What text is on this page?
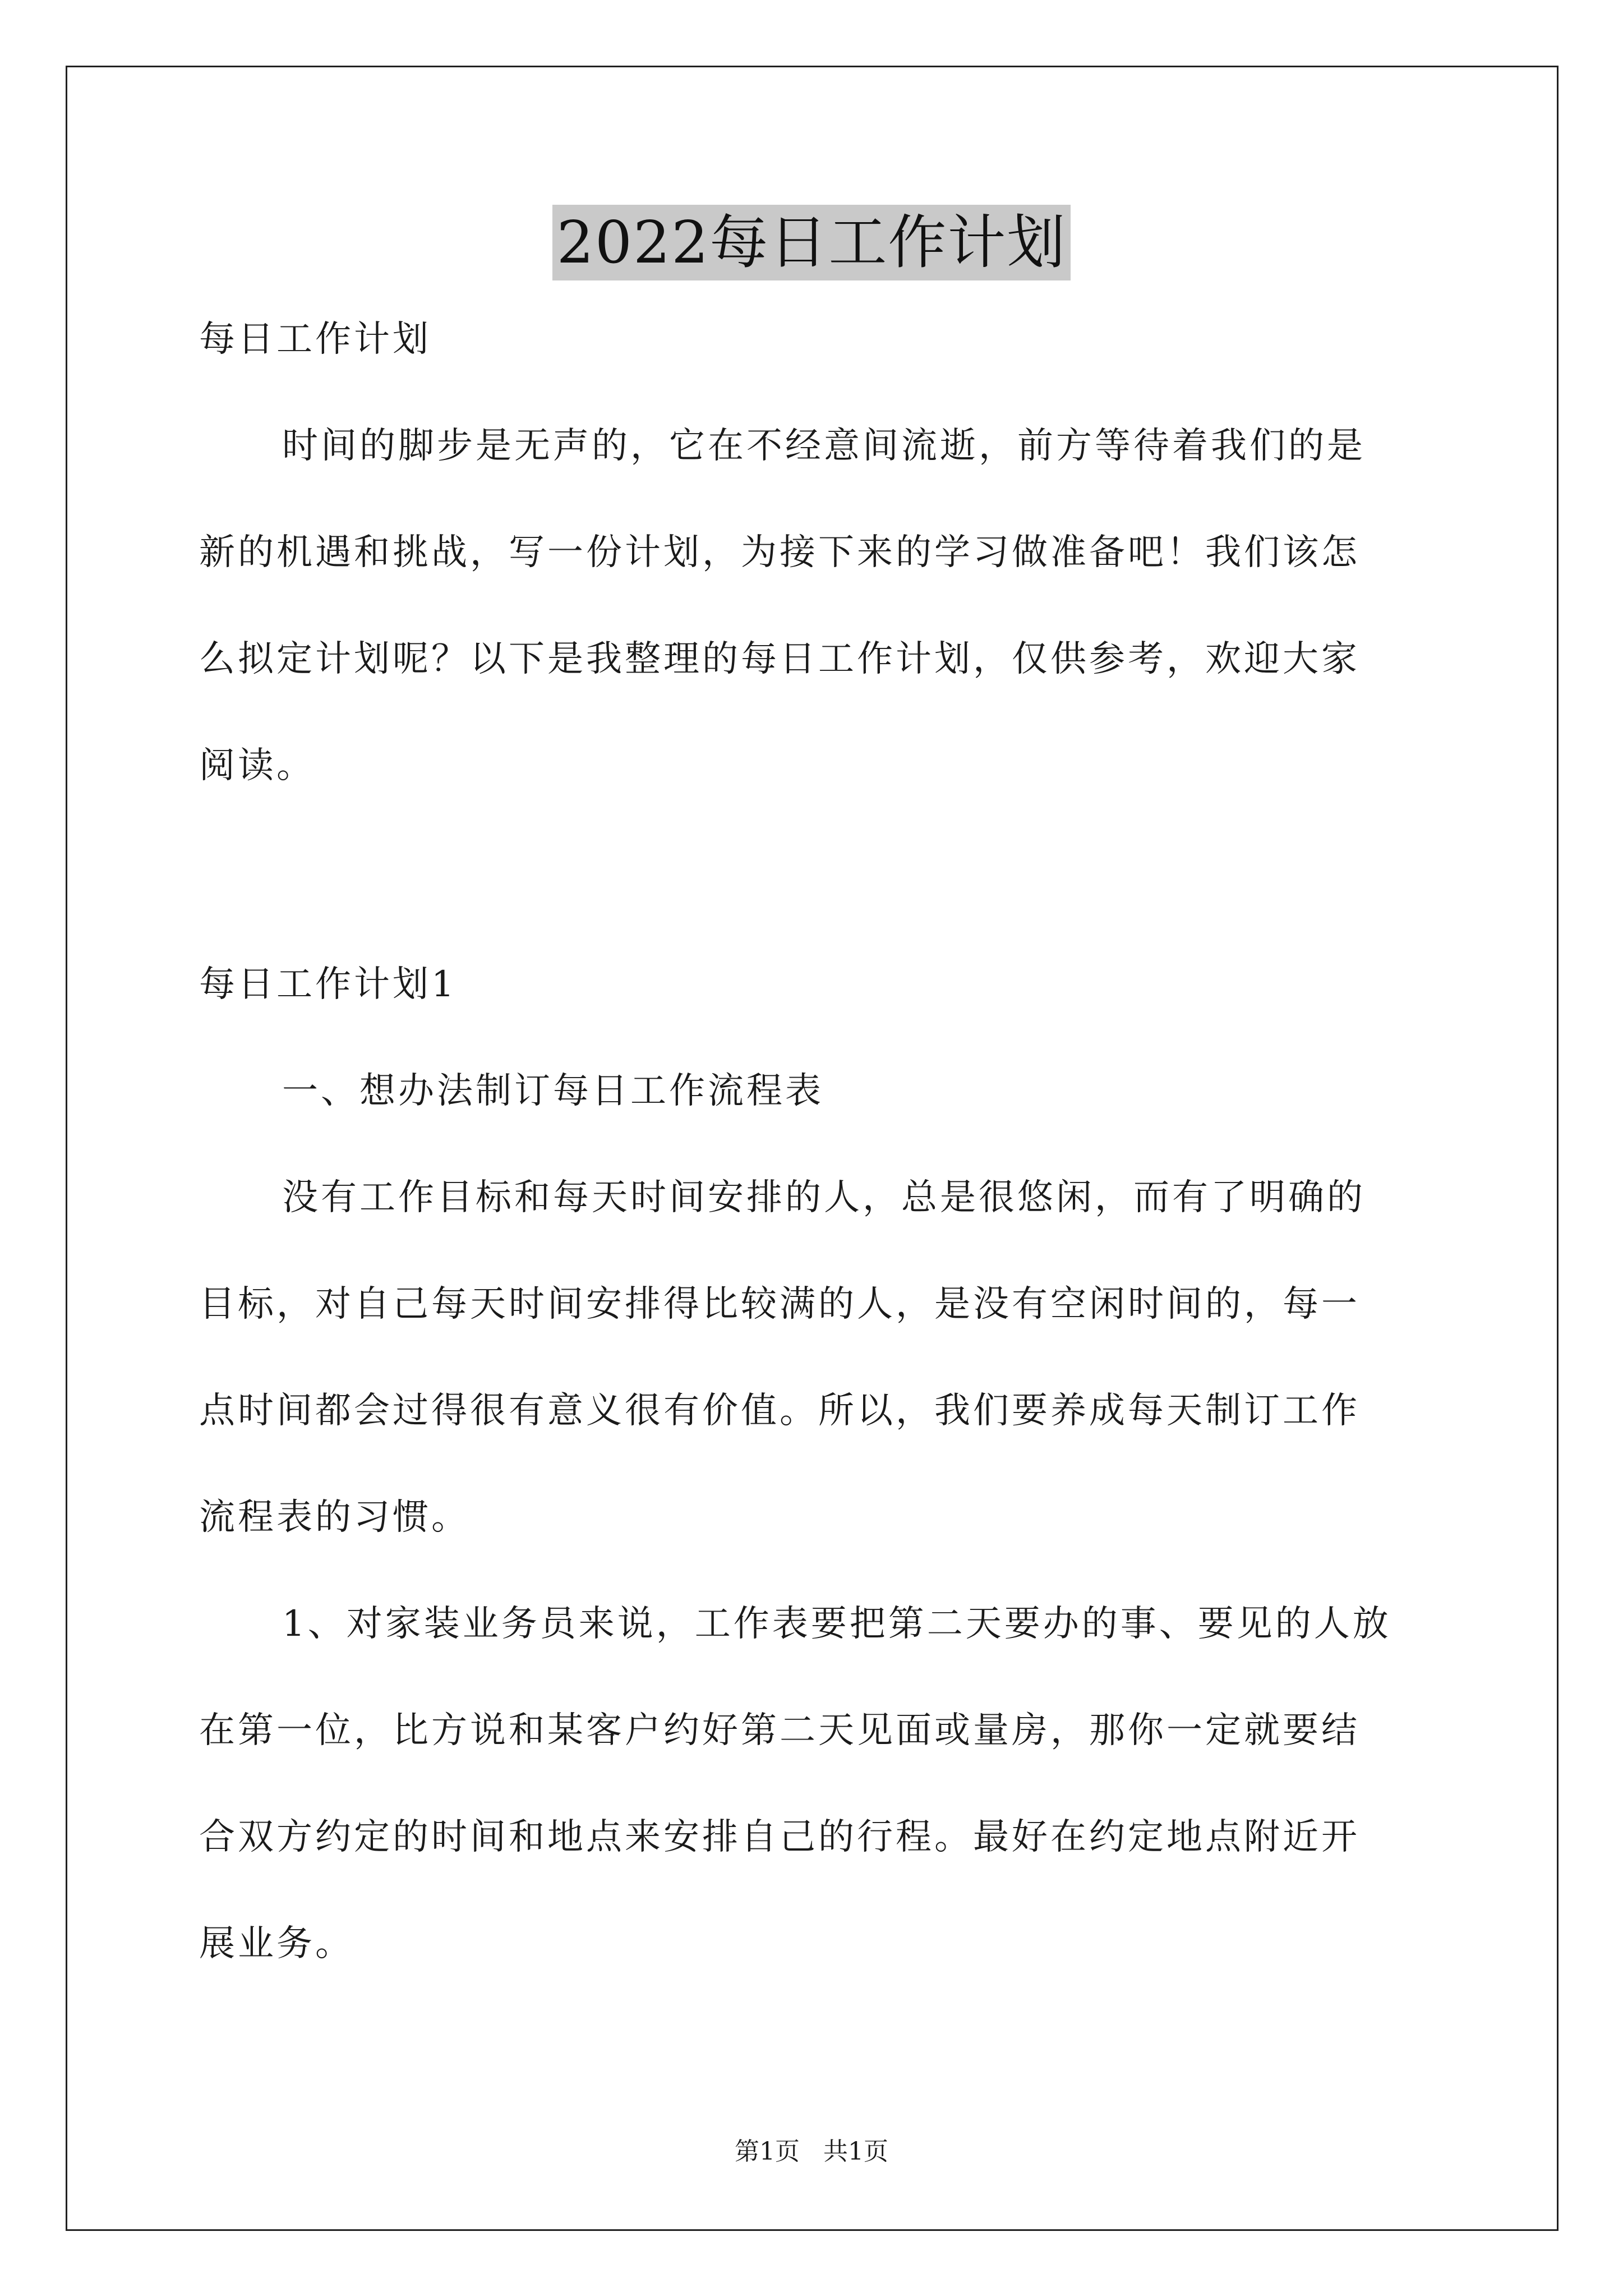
2022每日工作计划
每日工作计划
时间的脚步是无声的，它在不经意间流逝，前方等待着我们的是
新的机遇和挑战，写一份计划，为接下来的学习做准备吧！我们该怎
么拟定计划呢？以下是我整理的每日工作计划，仅供参考，欢迎大家
阅读。
每日工作计划1
一、想办法制订每日工作流程表
没有工作目标和每天时间安排的人，总是很悠闲，而有了明确的
目标，对自己每天时间安排得比较满的人，是没有空闲时间的，每一
点时间都会过得很有意义很有价值。所以，我们要养成每天制订工作
流程表的习惯。
1、对家装业务员来说，工作表要把第二天要办的事、要见的人放
在第一位，比方说和某客户约好第二天见面或量房，那你一定就要结
合双方约定的时间和地点来安排自己的行程。最好在约定地点附近开
展业务。
第1页 共1页
